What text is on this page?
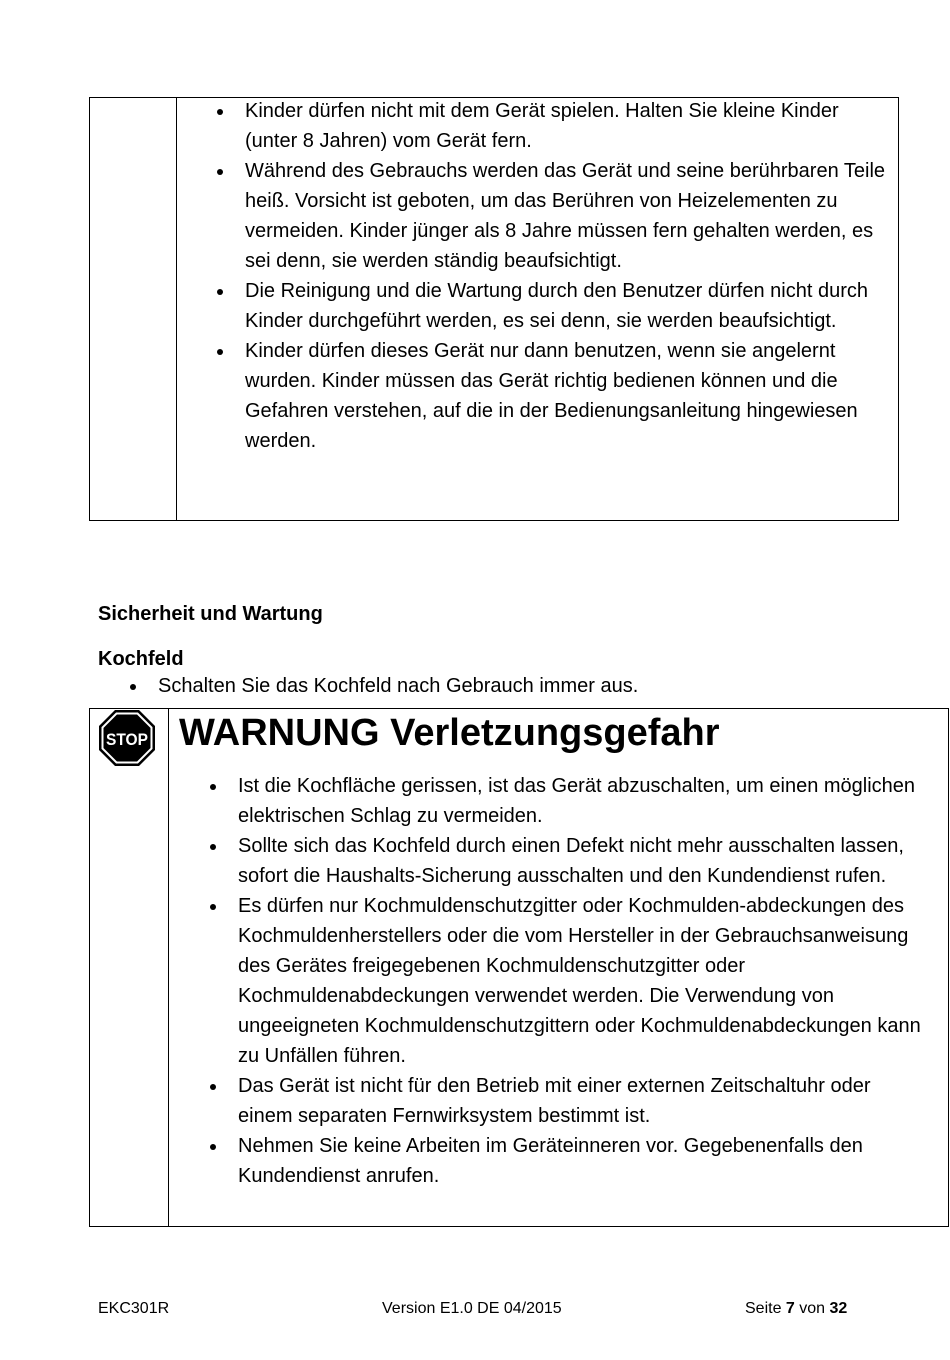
Kinder dürfen nicht mit dem Gerät spielen. Halten Sie kleine Kinder (unter 8 Jahren) vom Gerät fern.
Während des Gebrauchs werden das Gerät und seine berührbaren Teile heiß. Vorsicht ist geboten, um das Berühren von Heizelementen zu vermeiden. Kinder jünger als 8 Jahre müssen fern gehalten werden, es sei denn, sie werden ständig beaufsichtigt.
Die Reinigung und die Wartung durch den Benutzer dürfen nicht durch Kinder durchgeführt werden, es sei denn, sie werden beaufsichtigt.
Kinder dürfen dieses Gerät nur dann benutzen, wenn sie angelernt wurden. Kinder müssen das Gerät richtig bedienen können und die Gefahren verstehen, auf die in der Bedienungsanleitung hingewiesen werden.
Sicherheit und Wartung
Kochfeld
Schalten Sie das Kochfeld nach Gebrauch immer aus.
STOP WARNUNG Verletzungsgefahr
Ist die Kochfläche gerissen, ist das Gerät abzuschalten, um einen möglichen elektrischen Schlag zu vermeiden.
Sollte sich das Kochfeld durch einen Defekt nicht mehr ausschalten lassen, sofort die Haushalts-Sicherung ausschalten und den Kundendienst rufen.
Es dürfen nur Kochmuldenschutzgitter oder Kochmulden-abdeckungen des Kochmuldenherstellers oder die vom Hersteller in der Gebrauchsanweisung des Gerätes freigegebenen Kochmuldenschutzgitter oder Kochmuldenabdeckungen verwendet werden. Die Verwendung von ungeeigneten Kochmuldenschutzgittern oder Kochmuldenabdeckungen kann zu Unfällen führen.
Das Gerät ist nicht für den Betrieb mit einer externen Zeitschaltuhr oder einem separaten Fernwirksystem bestimmt ist.
Nehmen Sie keine Arbeiten im Geräteinneren vor. Gegebenenfalls den Kundendienst anrufen.
EKC301R	Version E1.0 DE 04/2015	Seite 7 von 32
